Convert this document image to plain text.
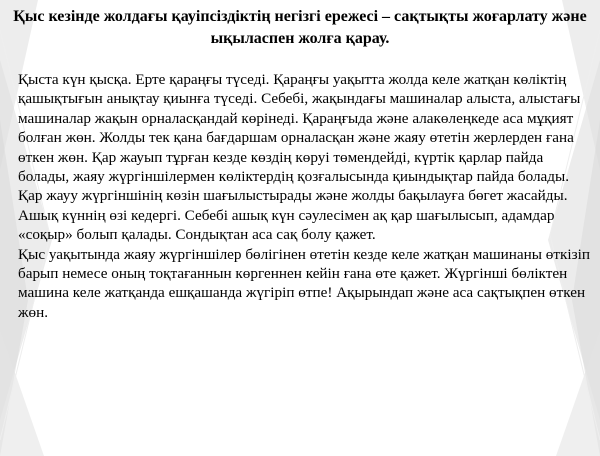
Қыс кезінде жолдағы қауіпсіздіктің негізгі ережесі – сақтықты жоғарлату және ықыласпен жолға қарау.

Қыста күн қысқа. Ерте қараңғы түседі. Қараңғы уақытта жолда келе жатқан көліктің қашықтығын анықтау қиынға түседі. Себебі, жақындағы машиналар алыста, алыстағы машиналар жақын орналасқандай көрінеді. Қараңғыда және алакөлеңкеде аса мұқият болған жөн. Жолды тек қана бағдаршам орналасқан және жаяу өтетін жерлерден ғана өткен жөн. Қар жауып тұрған кезде көздің көруі төмендейді, күртік қарлар пайда болады, жаяу жүргіншілермен көліктердің қозғалысында қиындықтар пайда болады. Қар жауу жүргіншінің көзін шағылыстырады және жолды бақылауға бөгет жасайды. Ашық күннің өзі кедергі. Себебі ашық күн сәулесімен ақ қар шағылысып, адамдар «соқыр» болып қалады. Сондықтан аса сақ болу қажет.

Қыс уақытында жаяу жүргіншілер бөлігінен өтетін кезде келе жатқан машинаны өткізіп барып немесе оның тоқтағаннын көргеннен кейін ғана өте қажет. Жүргінші бөліктен машина келе жатқанда ешқашанда жүгіріп өтпе! Ақырындап және аса сақтықпен өткен жөн.
